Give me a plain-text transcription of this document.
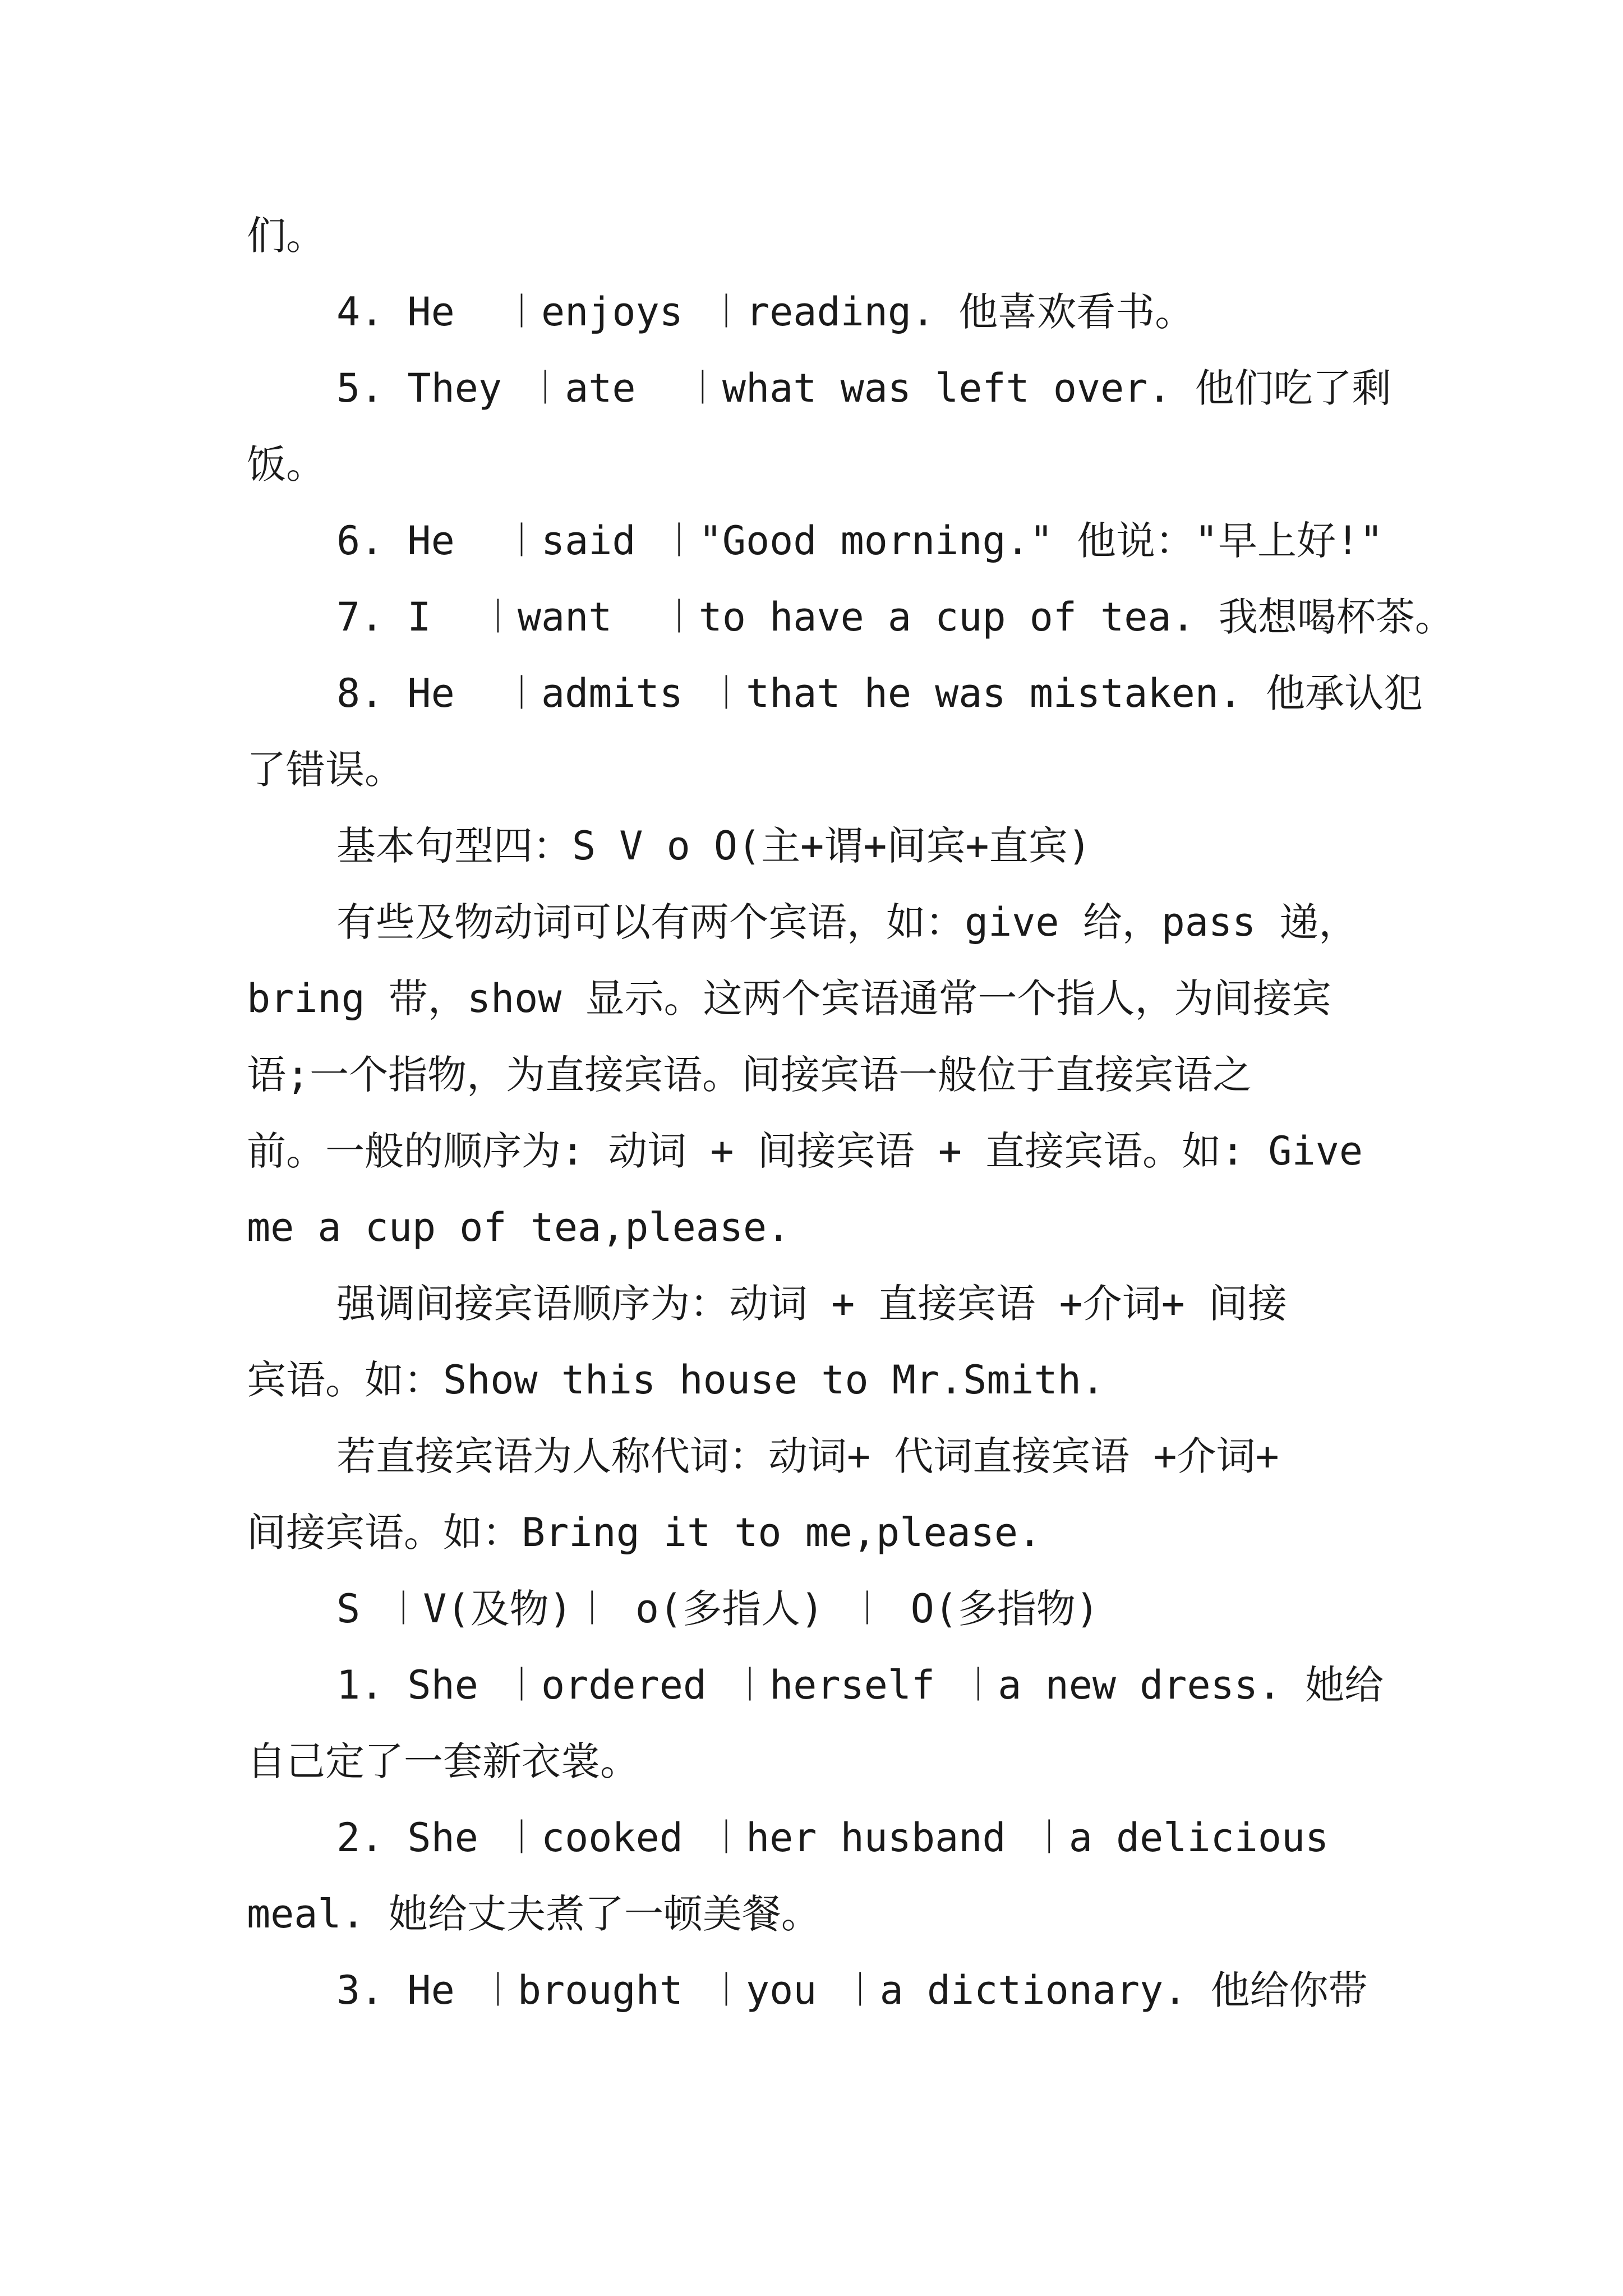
们。
4. He  ︱enjoys ︱reading. 他喜欢看书。
5. They ︱ate  ︱what was left over. 他们吃了剩
饭。
6. He  ︱said ︱"Good morning." 他说："早上好!"
7. I  ︱want  ︱to have a cup of tea. 我想喝杯茶。
8. He  ︱admits ︱that he was mistaken. 他承认犯
了错误。
基本句型四：S V o O(主+谓+间宾+直宾)
有些及物动词可以有两个宾语，如：give 给，pass 递，
bring 带，show 显示。这两个宾语通常一个指人，为间接宾
语;一个指物，为直接宾语。间接宾语一般位于直接宾语之
前。一般的顺序为: 动词 + 间接宾语 + 直接宾语。如: Give
me a cup of tea,please.
强调间接宾语顺序为：动词 + 直接宾语 +介词+ 间接
宾语。如：Show this house to Mr.Smith.
若直接宾语为人称代词：动词+ 代词直接宾语 +介词+
间接宾语。如：Bring it to me,please.
S ︱V(及物)︱ o(多指人) ︱ O(多指物)
1. She ︱ordered ︱herself ︱a new dress. 她给
自己定了一套新衣裳。
2. She ︱cooked ︱her husband ︱a delicious
meal. 她给丈夫煮了一顿美餐。
3. He ︱brought ︱you ︱a dictionary. 他给你带
